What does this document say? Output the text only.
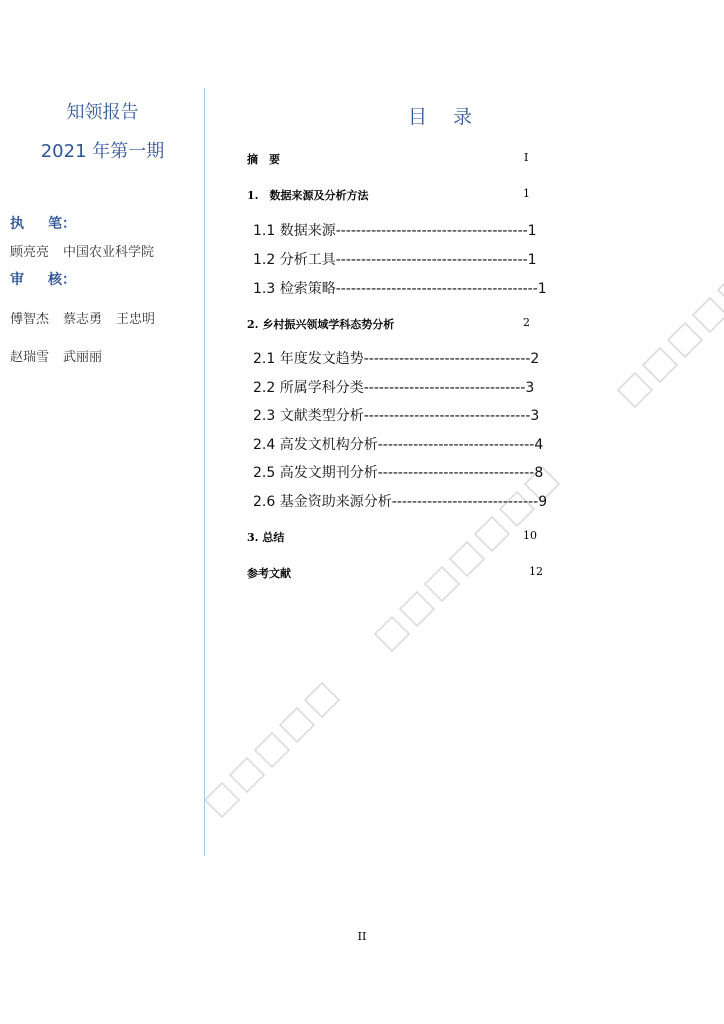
知领报告
2021 年第一期
执 笔：
顾亮亮 中国农业科学院
审 核：
傅智杰 蔡志勇 王忠明
赵瑞雪 武丽丽
目 录
摘　要	I
1.　数据来源及分析方法	1
1.1 数据来源--------------------------------------1
1.2 分析工具--------------------------------------1
1.3 检索策略----------------------------------------1
2. 乡村振兴领域学科态势分析	2
2.1 年度发文趋势---------------------------------2
2.2 所属学科分类--------------------------------3
2.3 文献类型分析---------------------------------3
2.4 高发文机构分析-------------------------------4
2.5 高发文期刊分析-------------------------------8
2.6 基金资助来源分析-----------------------------9
3. 总结	10
参考文献	12
II
